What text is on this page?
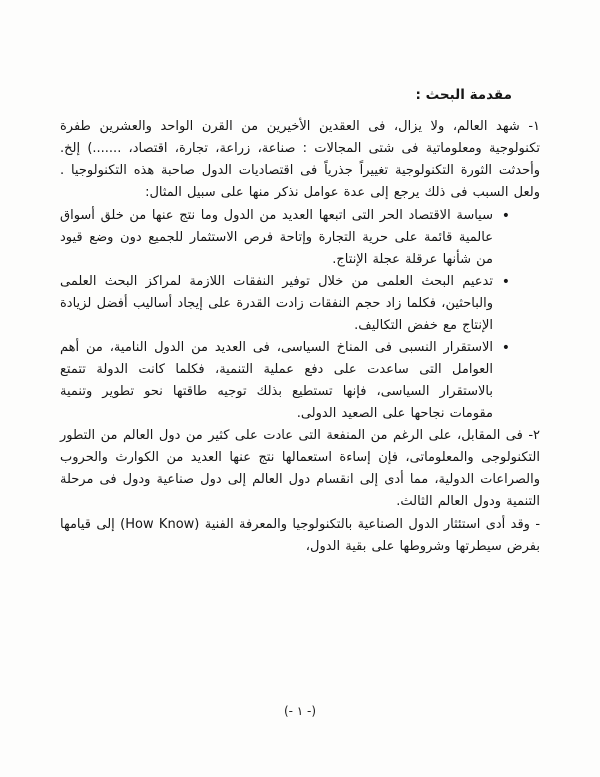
مقدمة البحث :

١- شهد العالم، ولا يزال، فى العقدين الأخيرين من القرن الواحد والعشرين طفرة تكنولوجية ومعلوماتية فى شتى المجالات : صناعة، زراعة، تجارة، اقتصاد، .......) إلخ. وأحدثت الثورة التكنولوجية تغييراً جذرياً فى اقتصاديات الدول صاحبة هذه التكنولوجيا . ولعل السبب فى ذلك يرجع إلى عدة عوامل نذكر منها على سبيل المثال:

• سياسة الاقتصاد الحر التى اتبعها العديد من الدول وما نتج عنها من خلق أسواق عالمية قائمة على حرية التجارة وإتاحة فرص الاستثمار للجميع دون وضع قيود من شأنها عرقلة عجلة الإنتاج.
• تدعيم البحث العلمى من خلال توفير النفقات اللازمة لمراكز البحث العلمى والباحثين، فكلما زاد حجم النفقات زادت القدرة على إيجاد أساليب أفضل لزيادة الإنتاج مع خفض التكاليف.
• الاستقرار النسبى فى المناخ السياسى، فى العديد من الدول النامية، من أهم العوامل التى ساعدت على دفع عملية التنمية، فكلما كانت الدولة تتمتع بالاستقرار السياسى، فإنها تستطيع بذلك توجيه طاقتها نحو تطوير وتنمية مقومات نجاحها على الصعيد الدولى.

٢- فى المقابل، على الرغم من المنفعة التى عادت على كثير من دول العالم من التطور التكنولوجى والمعلوماتى، فإن إساءة استعمالها نتج عنها العديد من الكوارث والحروب والصراعات الدولية، مما أدى إلى انقسام دول العالم إلى دول صناعية ودول فى مرحلة التنمية ودول العالم الثالث.

- وقد أدى استئثار الدول الصناعية بالتكنولوجيا والمعرفة الفنية (How Know) إلى قيامها بفرض سيطرتها وشروطها على بقية الدول،

(- ١ -)
